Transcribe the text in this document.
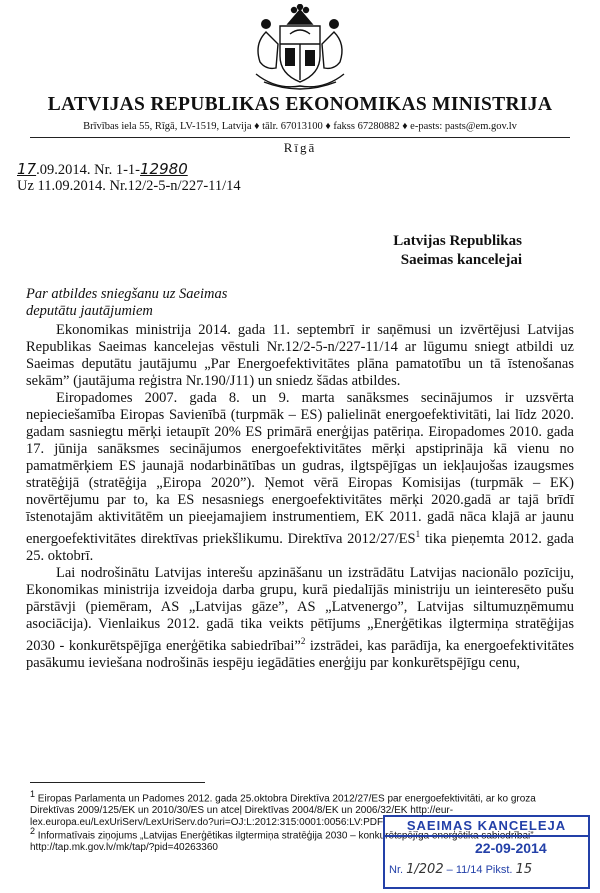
LATVIJAS REPUBLIKAS EKONOMIKAS MINISTRIJA
Brīvības iela 55, Rīgā, LV-1519, Latvija ♦ tālr. 67013100 ♦ fakss 67280882 ♦ e-pasts: pasts@em.gov.lv
Rīgā
17.09.2014. Nr. 1-1-12980
Uz 11.09.2014. Nr.12/2-5-n/227-11/14
Latvijas Republikas
Saeimas kancelejai
Par atbildes sniegšanu uz Saeimas
deputātu jautājumiem

Ekonomikas ministrija 2014. gada 11. septembrī ir saņēmusi un izvērtējusi Latvijas Republikas Saeimas kancelejas vēstuli Nr.12/2-5-n/227-11/14 ar lūgumu sniegt atbildi uz Saeimas deputātu jautājumu „Par Energoefektivitātes plāna pamatotību un tā īstenošanas sekām” (jautājuma reģistra Nr.190/J11) un sniedz šādas atbildes.

Eiropadomes 2007. gada 8. un 9. marta sanāksmes secinājumos ir uzsvērta nepieciešamība Eiropas Savienībā (turpmāk – ES) palielināt energoefektivitāti, lai līdz 2020. gadam sasniegtu mērķi ietaupīt 20% ES primārā enerģijas patēriņa. Eiropadomes 2010. gada 17. jūnija sanāksmes secinājumos energoefektivitātes mērķi apstiprināja kā vienu no pamatmērķiem ES jaunajā nodarbinātības un gudras, ilgtspējīgas un iekļaujošas izaugsmes stratēģijā (stratēģija „Eiropa 2020”). Ņemot vērā Eiropas Komisijas (turpmāk – EK) novērtējumu par to, ka ES nesasniegs energoefektivitātes mērķi 2020.gadā ar tajā brīdī īstenotajām aktivitātēm un pieejamajiem instrumentiem, EK 2011. gadā nāca klajā ar jaunu energoefektivitātes direktīvas priekšlikumu. Direktīva $2012/27/ES^1$ tika pieņemta 2012. gada 25. oktobrī.

Lai nodrošinātu Latvijas interešu apzināšanu un izstrādātu Latvijas nacionālo pozīciju, Ekonomikas ministrija izveidoja darba grupu, kurā piedalījās ministriju un ieinteresēto pušu pārstāvji (piemēram, AS „Latvijas gāze”, AS „Latvenergo”, Latvijas siltumuzņēmumu asociācija). Vienlaikus 2012. gadā tika veikts pētījums „Enerģētikas ilgtermiņa stratēģijas 2030 - konkurētspējīga enerģētika sabiedrībai”$^2$ izstrādei, kas parādīja, ka energoefektivitātes pasākumu ieviešana nodrošinās iespēju iegādāties enerģiju par konkurētspējīgu cenu,

$^1$ Eiropas Parlamenta un Padomes 2012. gada 25.oktobra Direktīva 2012/27/ES par energoefektivitāti, ar ko groza Direktīvas 2009/125/EK un 2010/30/ES un atceļ Direktīvas 2004/8/EK un 2006/32/EK http://eur-lex.europa.eu/LexUriServ/LexUriServ.do?uri=OJ:L:2012:315:0001:0056:LV:PDF
$^2$ Informatīvais ziņojums „Latvijas Enerģētikas ilgtermiņa stratēģija 2030 – konkurētspējīga enerģētika sabiedrībai” http://tap.mk.gov.lv/mk/tap/?pid=40263360
SAEIMAS KANCELEJA
22-09-2014
Nr. 1/202 – 11/14 Pikst. 15
